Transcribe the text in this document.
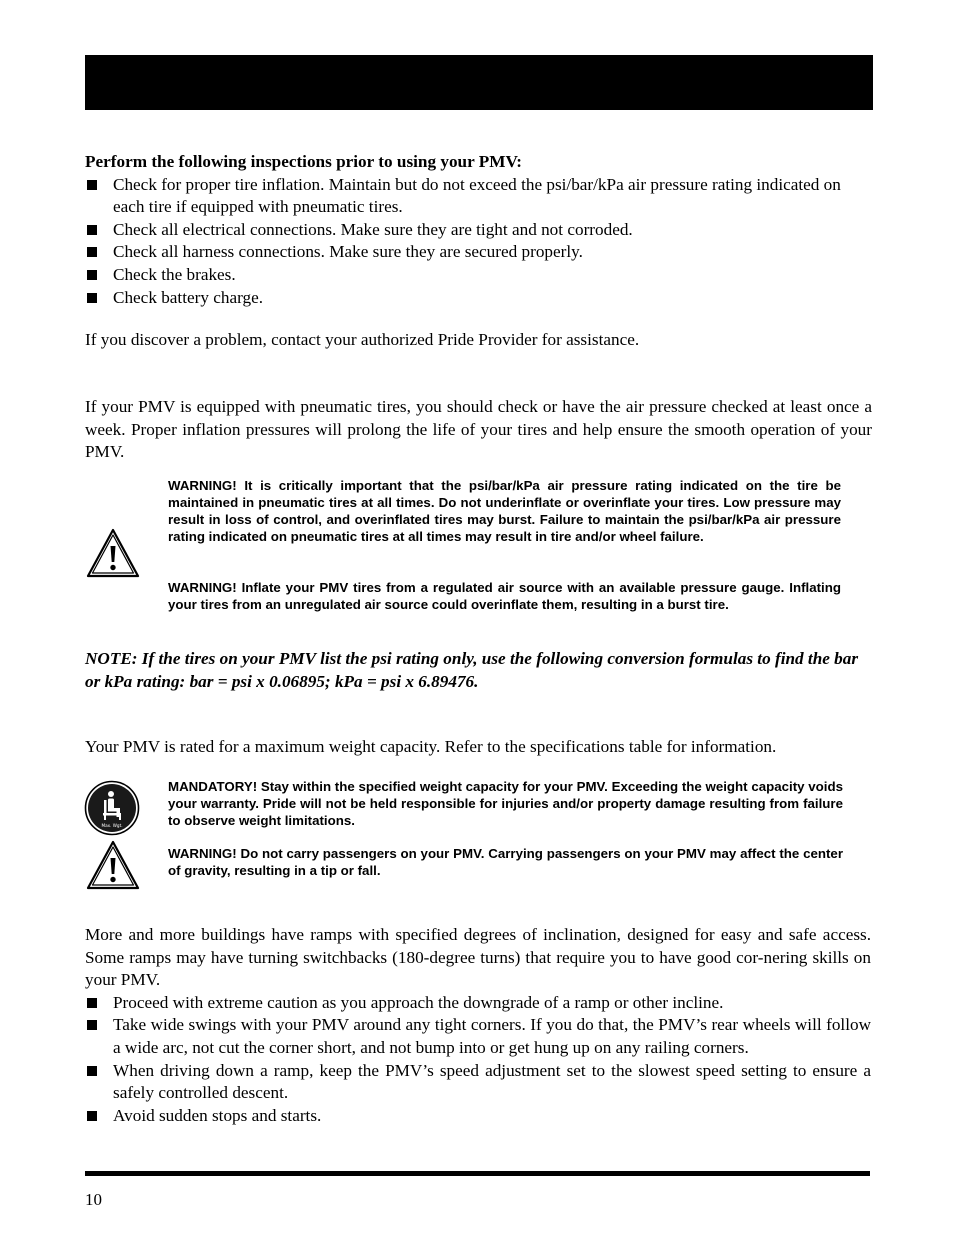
Perform the following inspections prior to using your PMV:
Check for proper tire inflation. Maintain but do not exceed the psi/bar/kPa air pressure rating indicated on each tire if equipped with pneumatic tires.
Check all electrical connections. Make sure they are tight and not corroded.
Check all harness connections. Make sure they are secured properly.
Check the brakes.
Check battery charge.
If you discover a problem, contact your authorized Pride Provider for assistance.
If your PMV is equipped with pneumatic tires, you should check or have the air pressure checked at least once a week. Proper inflation pressures will prolong the life of your tires and help ensure the smooth operation of your PMV.
WARNING! It is critically important that the psi/bar/kPa air pressure rating indicated on the tire be maintained in pneumatic tires at all times. Do not underinflate or overinflate your tires. Low pressure may result in loss of control, and overinflated tires may burst. Failure to maintain the psi/bar/kPa air pressure rating indicated on pneumatic tires at all times may result in tire and/or wheel failure.
WARNING! Inflate your PMV tires from a regulated air source with an available pressure gauge. Inflating your tires from an unregulated air source could overinflate them, resulting in a burst tire.
NOTE: If the tires on your PMV list the psi rating only, use the following conversion formulas to find the bar or kPa rating: bar = psi x 0.06895; kPa = psi x 6.89476.
Your PMV is rated for a maximum weight capacity. Refer to the specifications table for information.
Max. Wgt.
MANDATORY! Stay within the specified weight capacity for your PMV. Exceeding the weight capacity voids your warranty. Pride will not be held responsible for injuries and/or property damage resulting from failure to observe weight limitations.
WARNING! Do not carry passengers on your PMV. Carrying passengers on your PMV may affect the center of gravity, resulting in a tip or fall.
More and more buildings have ramps with specified degrees of inclination, designed for easy and safe access. Some ramps may have turning switchbacks (180-degree turns) that require you to have good cor-nering skills on your PMV.
Proceed with extreme caution as you approach the downgrade of a ramp or other incline.
Take wide swings with your PMV around any tight corners. If you do that, the PMV’s rear wheels will follow a wide arc, not cut the corner short, and not bump into or get hung up on any railing corners.
When driving down a ramp, keep the PMV’s speed adjustment set to the slowest speed setting to ensure a safely controlled descent.
Avoid sudden stops and starts.
10
